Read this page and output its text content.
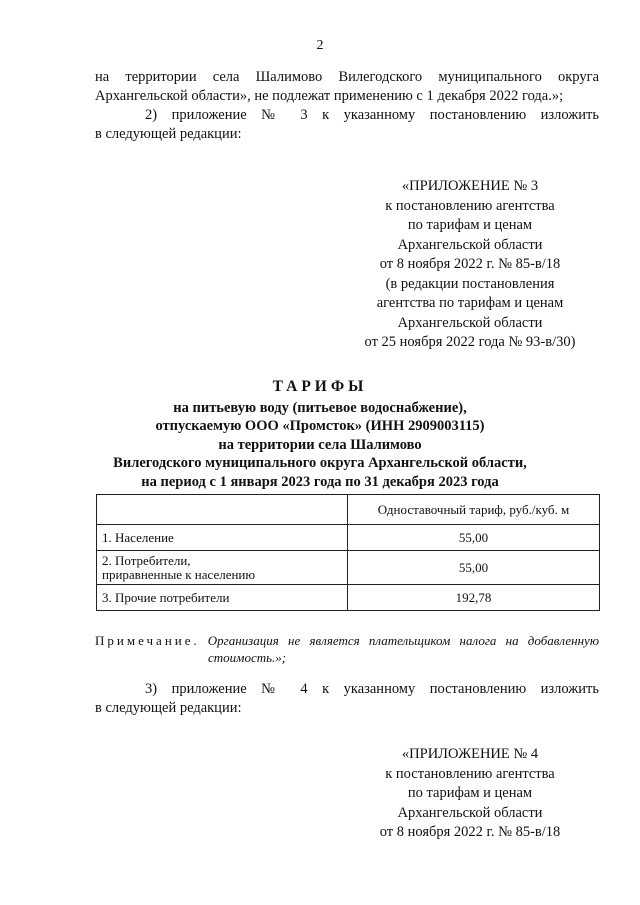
2
на территории села Шалимово Вилегодского муниципального округа
Архангельской области», не подлежат применению с 1 декабря 2022 года.»;
2) приложение № 3 к указанному постановлению изложить
в следующей редакции:
«ПРИЛОЖЕНИЕ № 3
к постановлению агентства
по тарифам и ценам
Архангельской области
от 8 ноября 2022 г. № 85-в/18
(в редакции постановления
агентства по тарифам и ценам
Архангельской области
от 25 ноября 2022 года № 93-в/30)
ТАРИФЫ
на питьевую воду (питьевое водоснабжение),
отпускаемую ООО «Промсток» (ИНН 2909003115)
на территории села Шалимово
Вилегодского муниципального округа Архангельской области,
на период с 1 января 2023 года по 31 декабря 2023 года
	Одноставочный тариф, руб./куб. м
1. Население	55,00

2. Потребители,
приравненные к населению	55,00
3. Прочие потребители	192,78
Примечание. Организация не является плательщиком налога на добавленную
стоимость.»;
3) приложение № 4 к указанному постановлению изложить
в следующей редакции:
«ПРИЛОЖЕНИЕ № 4
к постановлению агентства
по тарифам и ценам
Архангельской области
от 8 ноября 2022 г. № 85-в/18
